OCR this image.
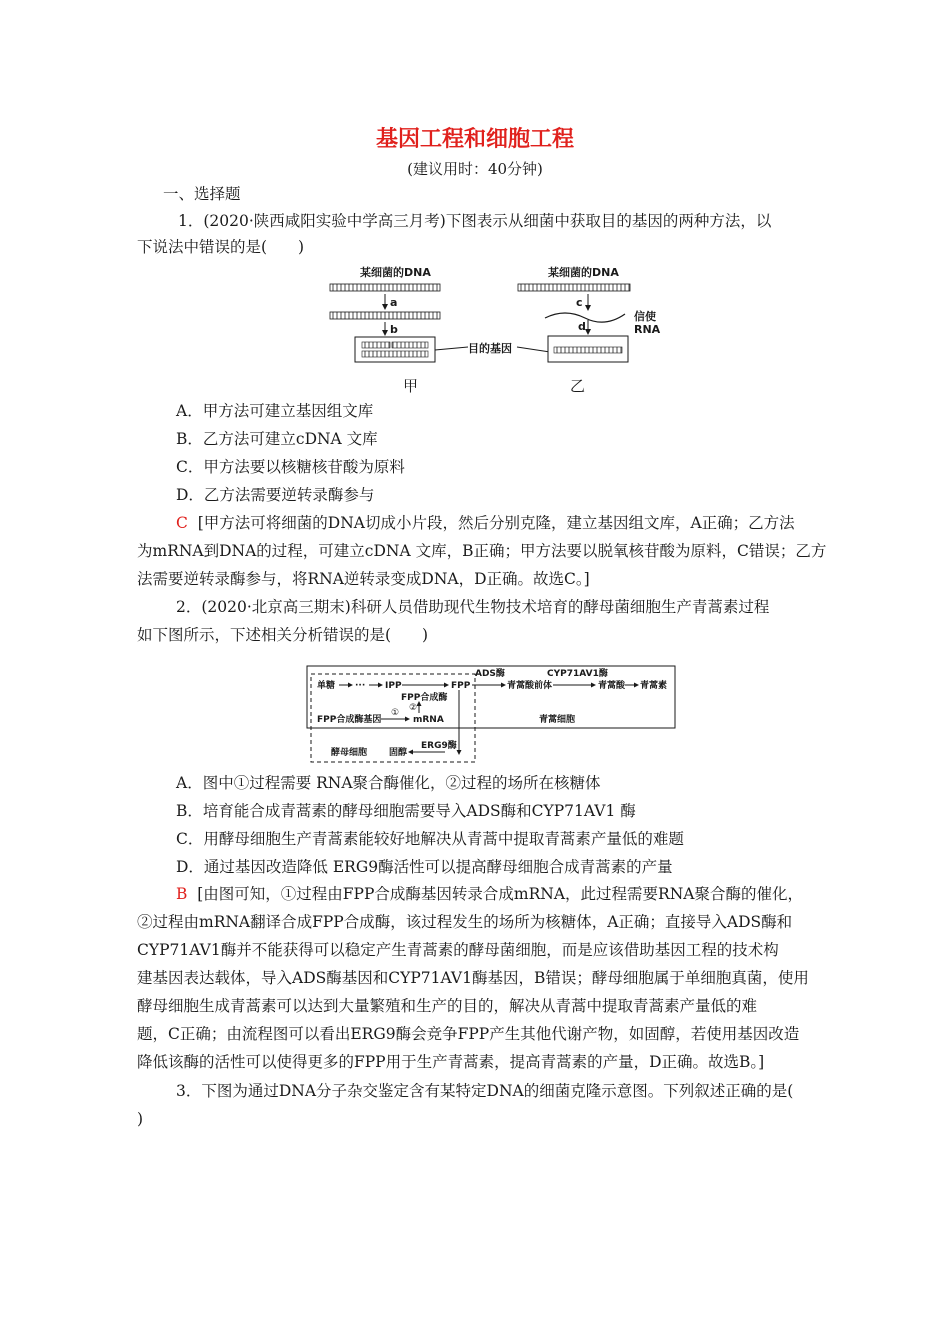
基因工程和细胞工程
(建议用时：40分钟)
一、选择题
1．(2020·陕西咸阳实验中学高三月考)下图表示从细菌中获取目的基因的两种方法，以
下说法中错误的是(　　)
某细菌的DNA
a
b
目的基因
某细菌的DNA
c
d
信使
RNA
甲	乙
A．甲方法可建立基因组文库
B．乙方法可建立cDNA 文库
C．甲方法要以核糖核苷酸为原料
D．乙方法需要逆转录酶参与
C [甲方法可将细菌的DNA切成小片段，然后分别克隆，建立基因组文库，A正确；乙方法
为mRNA到DNA的过程，可建立cDNA 文库，B正确；甲方法要以脱氧核苷酸为原料，C错误；乙方
法需要逆转录酶参与，将RNA逆转录变成DNA，D正确。故选C。]
2．(2020·北京高三期末)科研人员借助现代生物技术培育的酵母菌细胞生产青蒿素过程
如下图所示，下述相关分析错误的是(　　)
单糖 ··· IPP	FPP
FPP合成酶
ADS酶
青蒿酸前体
CYP71AV1酶
青蒿酸 青蒿素
FPP合成酶基因
①
mRNA
②
青蒿细胞
ERG9酶
固醇
酵母细胞
A．图中①过程需要 RNA聚合酶催化，②过程的场所在核糖体
B．培育能合成青蒿素的酵母细胞需要导入ADS酶和CYP71AV1 酶
C．用酵母细胞生产青蒿素能较好地解决从青蒿中提取青蒿素产量低的难题
D．通过基因改造降低 ERG9酶活性可以提高酵母细胞合成青蒿素的产量
B [由图可知，①过程由FPP合成酶基因转录合成mRNA，此过程需要RNA聚合酶的催化，
②过程由mRNA翻译合成FPP合成酶，该过程发生的场所为核糖体，A正确；直接导入ADS酶和
CYP71AV1酶并不能获得可以稳定产生青蒿素的酵母菌细胞，而是应该借助基因工程的技术构
建基因表达载体，导入ADS酶基因和CYP71AV1酶基因，B错误；酵母细胞属于单细胞真菌，使用
酵母细胞生成青蒿素可以达到大量繁殖和生产的目的，解决从青蒿中提取青蒿素产量低的难
题，C正确；由流程图可以看出ERG9酶会竞争FPP产生其他代谢产物，如固醇，若使用基因改造
降低该酶的活性可以使得更多的FPP用于生产青蒿素，提高青蒿素的产量，D正确。故选B。]
3．下图为通过DNA分子杂交鉴定含有某特定DNA的细菌克隆示意图。下列叙述正确的是(
)
